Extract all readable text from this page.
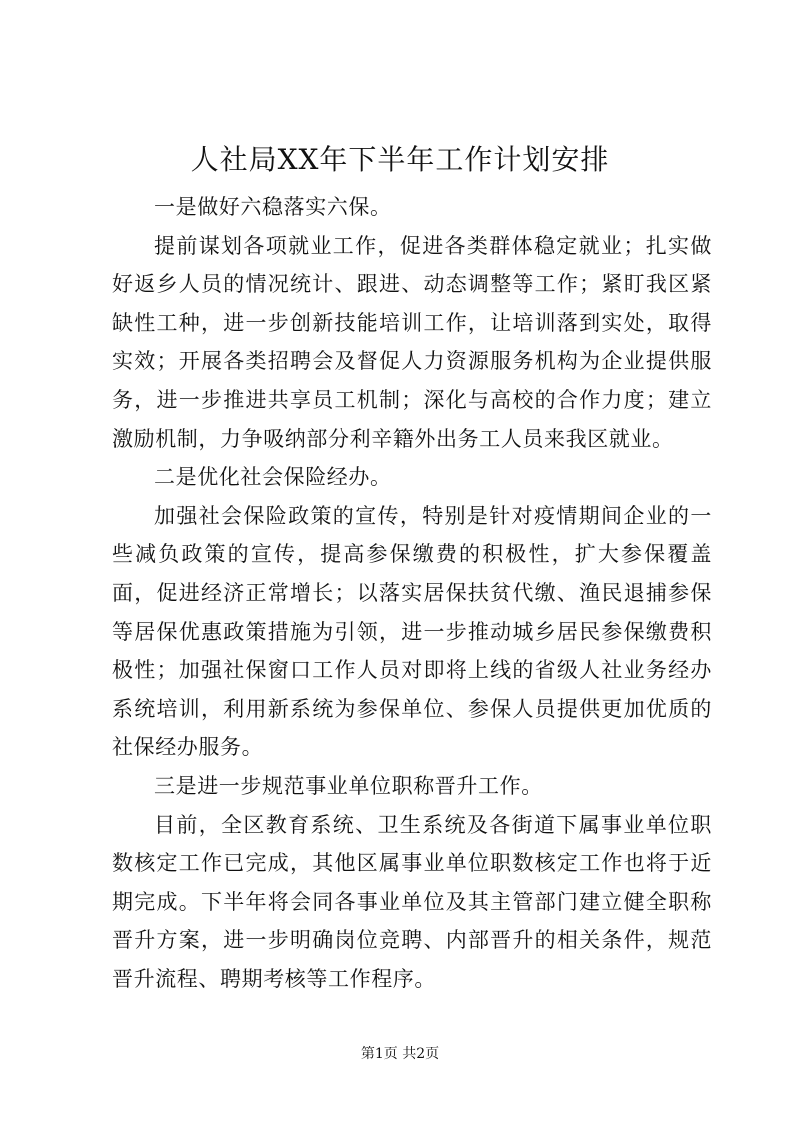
人社局XX年下半年工作计划安排

一是做好六稳落实六保。

提前谋划各项就业工作，促进各类群体稳定就业；扎实做好返乡人员的情况统计、跟进、动态调整等工作；紧盯我区紧缺性工种，进一步创新技能培训工作，让培训落到实处，取得实效；开展各类招聘会及督促人力资源服务机构为企业提供服务，进一步推进共享员工机制；深化与高校的合作力度；建立激励机制，力争吸纳部分利辛籍外出务工人员来我区就业。

二是优化社会保险经办。

加强社会保险政策的宣传，特别是针对疫情期间企业的一些减负政策的宣传，提高参保缴费的积极性，扩大参保覆盖面，促进经济正常增长；以落实居保扶贫代缴、渔民退捕参保等居保优惠政策措施为引领，进一步推动城乡居民参保缴费积极性；加强社保窗口工作人员对即将上线的省级人社业务经办系统培训，利用新系统为参保单位、参保人员提供更加优质的社保经办服务。

三是进一步规范事业单位职称晋升工作。

目前，全区教育系统、卫生系统及各街道下属事业单位职数核定工作已完成，其他区属事业单位职数核定工作也将于近期完成。下半年将会同各事业单位及其主管部门建立健全职称晋升方案，进一步明确岗位竞聘、内部晋升的相关条件，规范晋升流程、聘期考核等工作程序。

第1页 共2页
